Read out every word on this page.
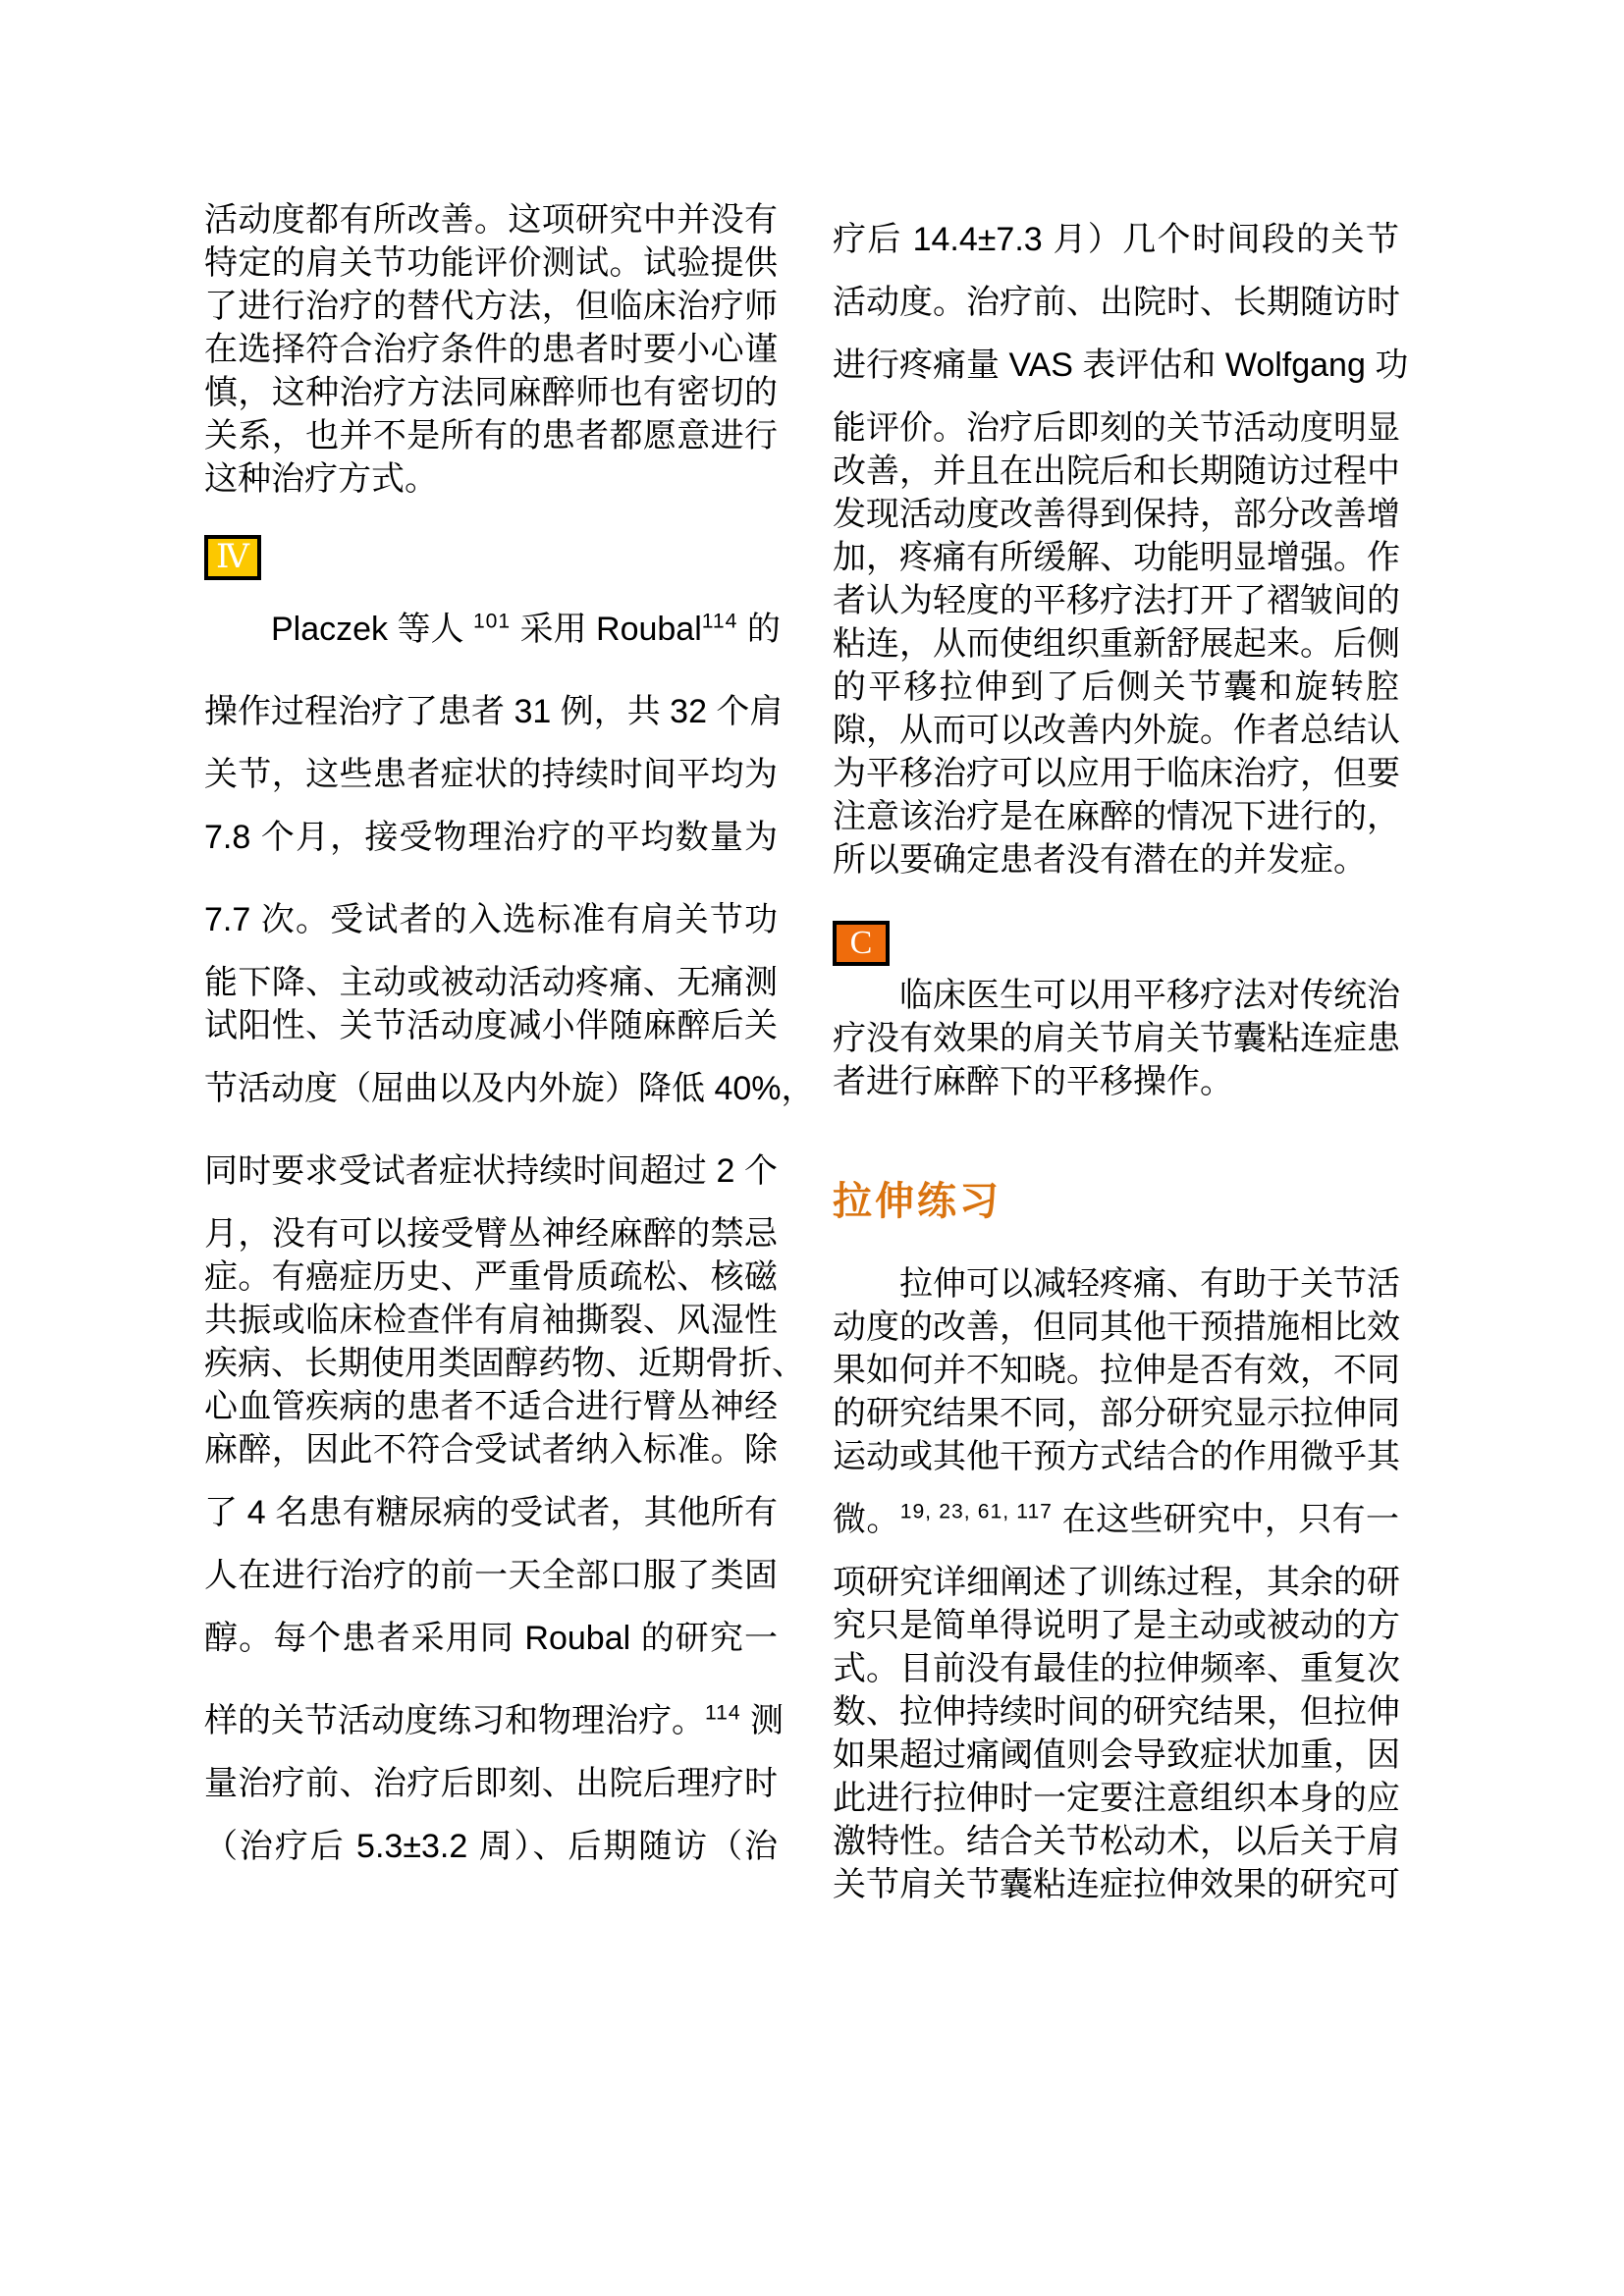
活动度都有所改善。这项研究中并没有
特定的肩关节功能评价测试。试验提供
了进行治疗的替代方法，但临床治疗师
在选择符合治疗条件的患者时要小心谨
慎，这种治疗方法同麻醉师也有密切的
关系，也并不是所有的患者都愿意进行
这种治疗方式。
Ⅳ
　　Placzek 等人 $^{101}$ 采用 Roubal$^{114}$ 的
操作过程治疗了患者 31 例，共 32 个肩
关节，这些患者症状的持续时间平均为
7.8 个月，接受物理治疗的平均数量为
7.7 次。受试者的入选标准有肩关节功
能下降、主动或被动活动疼痛、无痛测
试阳性、关节活动度减小伴随麻醉后关
节活动度（屈曲以及内外旋）降低 40%，
同时要求受试者症状持续时间超过 2 个
月，没有可以接受臂丛神经麻醉的禁忌
症。有癌症历史、严重骨质疏松、核磁
共振或临床检查伴有肩袖撕裂、风湿性
疾病、长期使用类固醇药物、近期骨折、
心血管疾病的患者不适合进行臂丛神经
麻醉，因此不符合受试者纳入标准。除
了 4 名患有糖尿病的受试者，其他所有
人在进行治疗的前一天全部口服了类固
醇。每个患者采用同 Roubal 的研究一
样的关节活动度练习和物理治疗。$^{114}$ 测
量治疗前、治疗后即刻、出院后理疗时
（治疗后 5.3±3.2 周）、后期随访（治
疗后 14.4±7.3 月）几个时间段的关节
活动度。治疗前、出院时、长期随访时
进行疼痛量 VAS 表评估和 Wolfgang 功
能评价。治疗后即刻的关节活动度明显
改善，并且在出院后和长期随访过程中
发现活动度改善得到保持，部分改善增
加，疼痛有所缓解、功能明显增强。作
者认为轻度的平移疗法打开了褶皱间的
粘连，从而使组织重新舒展起来。后侧
的平移拉伸到了后侧关节囊和旋转腔
隙，从而可以改善内外旋。作者总结认
为平移治疗可以应用于临床治疗，但要
注意该治疗是在麻醉的情况下进行的，
所以要确定患者没有潜在的并发症。
C
　　临床医生可以用平移疗法对传统治
疗没有效果的肩关节肩关节囊粘连症患
者进行麻醉下的平移操作。
拉伸练习
　　拉伸可以减轻疼痛、有助于关节活
动度的改善，但同其他干预措施相比效
果如何并不知晓。拉伸是否有效，不同
的研究结果不同，部分研究显示拉伸同
运动或其他干预方式结合的作用微乎其
微。$^{19, 23, 61, 117}$ 在这些研究中，只有一
项研究详细阐述了训练过程，其余的研
究只是简单得说明了是主动或被动的方
式。目前没有最佳的拉伸频率、重复次
数、拉伸持续时间的研究结果，但拉伸
如果超过痛阈值则会导致症状加重，因
此进行拉伸时一定要注意组织本身的应
激特性。结合关节松动术，以后关于肩
关节肩关节囊粘连症拉伸效果的研究可
